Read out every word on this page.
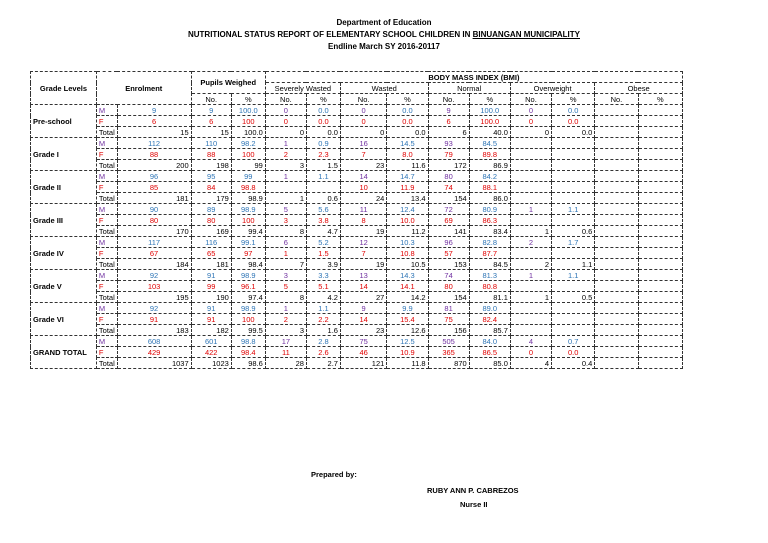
Department of Education
NUTRITIONAL STATUS REPORT OF ELEMENTARY SCHOOL CHILDREN IN BINUANGAN MUNICIPALITY
Endline March SY 2016-20117
Grade Levels	Enrolment		Pupils Weighed		BODY MASS INDEX (BMI)									
					Severely Wasted		Wasted		Normal		Overweight		Obese	
			No.	%	No.	%	No.	%	No.	%	No.	%	No.	%
Pre-school	M	9	9	100.0	0	0.0	0	0.0	9	100.0	0	0.0		
	F	6	6	100	0	0.0	0	0.0	6	100.0	0	0.0		
	Total	15	15	100.0	0	0.0	0	0.0	6	40.0	0	0.0		
Grade I	M	112	110	98.2	1	0.9	16	14.5	93	84.5				
	F	88	88	100	2	2.3	7	8.0	79	89.8				
	Total	200	198	99	3	1.5	23	11.6	172	86.9				
Grade II	M	96	95	99	1	1.1	14	14.7	80	84.2				
	F	85	84	98.8			10	11.9	74	88.1				
	Total	181	179	98.9	1	0.6	24	13.4	154	86.0				
Grade III	M	90	89	98.9	5	5.6	11	12.4	72	80.9	1	1.1		
	F	80	80	100	3	3.8	8	10.0	69	86.3				
	Total	170	169	99.4	8	4.7	19	11.2	141	83.4	1	0.6		
Grade IV	M	117	116	99.1	6	5.2	12	10.3	96	82.8	2	1.7		
	F	67	65	97	1	1.5	7	10.8	57	87.7				
	Total	184	181	98.4	7	3.9	19	10.5	153	84.5	2	1.1		
Grade V	M	92	91	98.9	3	3.3	13	14.3	74	81.3	1	1.1		
	F	103	99	96.1	5	5.1	14	14.1	80	80.8				
	Total	195	190	97.4	8	4.2	27	14.2	154	81.1	1	0.5		
Grade VI	M	92	91	98.9	1	1.1	9	9.9	81	89.0				
	F	91	91	100	2	2.2	14	15.4	75	82.4				
	Total	183	182	99.5	3	1.6	23	12.6	156	85.7				
GRAND TOTAL	M	608	601	98.8	17	2.8	75	12.5	505	84.0	4	0.7		
	F	429	422	98.4	11	2.6	46	10.9	365	86.5	0	0.0		
	Total	1037	1023	98.6	28	2.7	121	11.8	870	85.0	4	0.4		
Prepared by:
RUBY ANN P. CABREZOS
Nurse II
